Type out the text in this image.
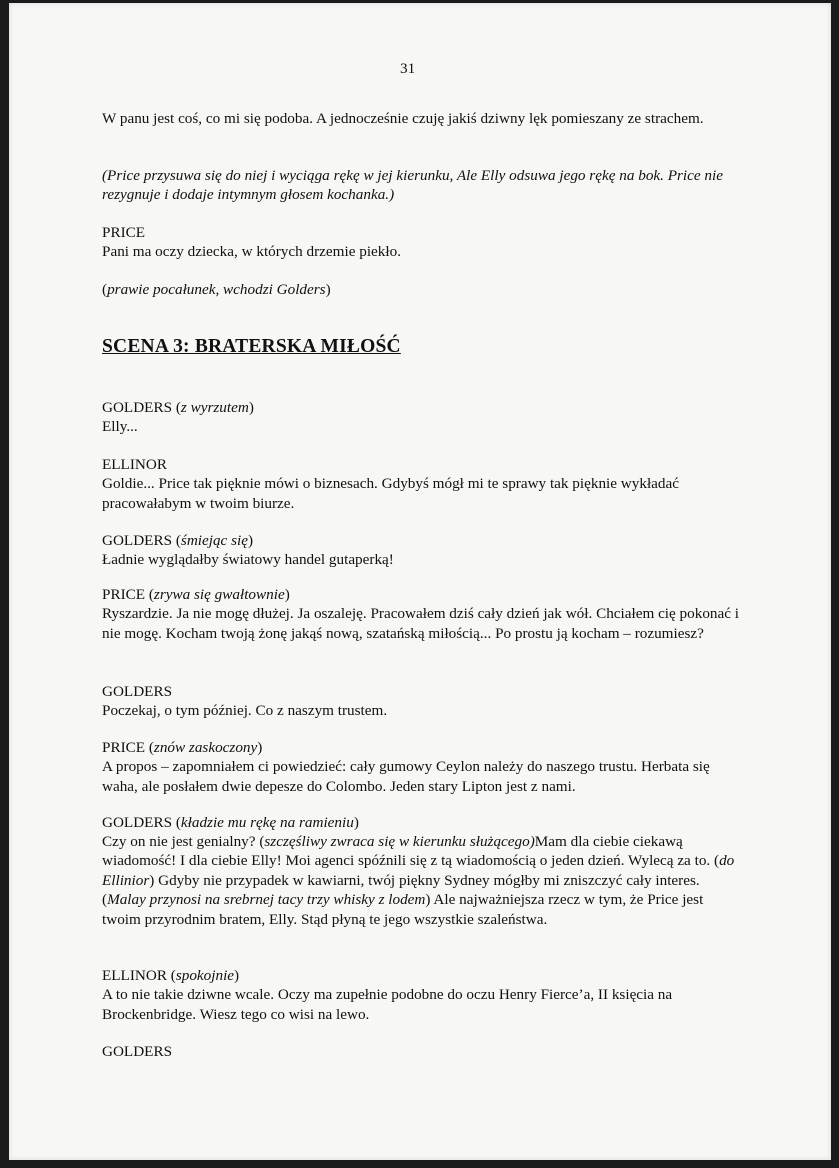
31

W panu jest coś, co mi się podoba. A jednocześnie czuję jakiś dziwny lęk pomieszany ze strachem.

(Price przysuwa się do niej i wyciąga rękę w jej kierunku, Ale Elly odsuwa jego rękę na bok. Price nie rezygnuje i dodaje intymnym głosem kochanka.)

PRICE

Pani ma oczy dziecka, w których drzemie piekło.

(prawie pocałunek, wchodzi Golders)

SCENA 3: BRATERSKA MIŁOŚĆ
GOLDERS (z wyrzutem)

Elly...

ELLINOR

Goldie... Price tak pięknie mówi o biznesach. Gdybyś mógł mi te sprawy tak pięknie wykładać pracowałabym w twoim biurze.

GOLDERS (śmiejąc się)

Ładnie wyglądałby światowy handel gutaperką!

PRICE (zrywa się gwałtownie)

Ryszardzie. Ja nie mogę dłużej. Ja oszaleję. Pracowałem dziś cały dzień jak wół. Chciałem cię pokonać i nie mogę. Kocham twoją żonę jakąś nową, szatańską miłością... Po prostu ją kocham – rozumiesz?

GOLDERS

Poczekaj, o tym później. Co z naszym trustem.

PRICE (znów zaskoczony)

A propos – zapomniałem ci powiedzieć: cały gumowy Ceylon należy do naszego trustu. Herbata się waha, ale posłałem dwie depesze do Colombo. Jeden stary Lipton jest z nami.

GOLDERS (kładzie mu rękę na ramieniu)

Czy on nie jest genialny? (szczęśliwy zwraca się w kierunku służącego)Mam dla ciebie ciekawą wiadomość! I dla ciebie Elly! Moi agenci spóźnili się z tą wiadomością o jeden dzień. Wylecą za to. (do Ellinior) Gdyby nie przypadek w kawiarni, twój piękny Sydney mógłby mi zniszczyć cały interes. (Malay przynosi na srebrnej tacy trzy whisky z lodem) Ale najważniejsza rzecz w tym, że Price jest twoim przyrodnim bratem, Elly. Stąd płyną te jego wszystkie szaleństwa.

ELLINOR (spokojnie)

A to nie takie dziwne wcale. Oczy ma zupełnie podobne do oczu Henry Fierce’a, II księcia na Brockenbridge. Wiesz tego co wisi na lewo.

GOLDERS
